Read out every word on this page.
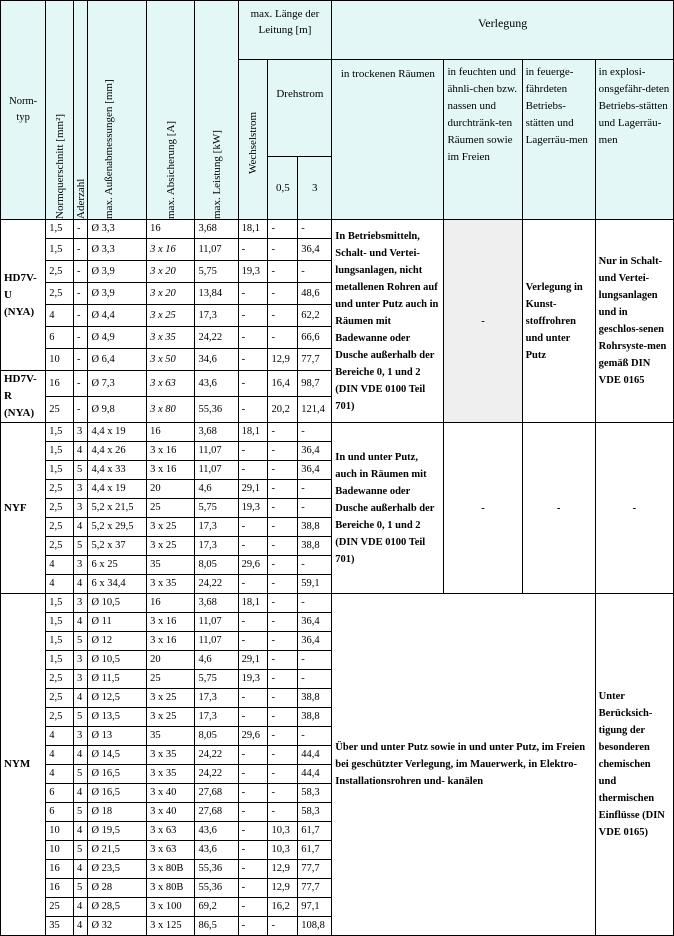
Norm-typ	Normquerschnitt [mm²]	Aderzahl	max. Außenabmessungen [mm]	max. Absicherung [A]	max. Leistung [kW]	max. Länge der Leitung [m]			Verlegung			

						Wechselstrom	Drehstrom		in trockenen Räumen	in feuchten und ähnli-chen bzw. nassen und durchtränk-ten Räumen sowie im Freien	in feuerge-fährdeten Betriebs-stätten und Lagerräu-men	in explosi-onsgefähr-deten Betriebs-stätten und Lagerräu-men
							0,5	3				
HD7V-U (NYA)	1,5	-	Ø 3,3	16	3,68	18,1	-	-	In Betriebsmitteln, Schalt- und Vertei-lungsanlagen, nicht metallenen Rohren auf und unter Putz auch in Räumen mit Badewanne oder Dusche außerhalb der Bereiche 0, 1 und 2 (DIN VDE 0100 Teil 701)	-	Verlegung in Kunst-stoffrohren und unter Putz	Nur in Schalt- und Vertei-lungsanlagen und in geschlos-senen Rohrsyste-men gemäß DIN VDE 0165
	1,5	-	Ø 3,3	3 x 16	11,07	-	-	36,4				
	2,5	-	Ø 3,9	3 x 20	5,75	19,3	-	-				
	2,5	-	Ø 3,9	3 x 20	13,84	-	-	48,6				
	4	-	Ø 4,4	3 x 25	17,3	-	-	62,2				
	6	-	Ø 4,9	3 x 35	24,22	-	-	66,6				
	10	-	Ø 6,4	3 x 50	34,6	-	12,9	77,7				
HD7V-R (NYA)	16	-	Ø 7,3	3 x 63	43,6	-	16,4	98,7				
	25	-	Ø 9,8	3 x 80	55,36	-	20,2	121,4				
NYF	1,5	3	4,4 x 19	16	3,68	18,1	-	-	In und unter Putz, auch in Räumen mit Badewanne oder Dusche außerhalb der Bereiche 0, 1 und 2 (DIN VDE 0100 Teil 701)	-	-	-
	1,5	4	4,4 x 26	3 x 16	11,07	-	-	36,4				
	1,5	5	4,4 x 33	3 x 16	11,07	-	-	36,4				
	2,5	3	4,4 x 19	20	4,6	29,1	-	-				
	2,5	3	5,2 x 21,5	25	5,75	19,3	-	-				
	2,5	4	5,2 x 29,5	3 x 25	17,3	-	-	38,8				
	2,5	5	5,2 x 37	3 x 25	17,3	-	-	38,8				
	4	3	6 x 25	35	8,05	29,6	-	-				
	4	4	6 x 34,4	3 x 35	24,22	-	-	59,1				
NYM	1,5	3	Ø 10,5	16	3,68	18,1	-	-	Über und unter Putz sowie in und unter Putz, im Freien bei geschützter Verlegung, im Mauerwerk, in Elektro-Installationsrohren und- kanälen			Unter Berücksich-tigung der besonderen chemischen und thermischen Einflüsse (DIN VDE 0165)
	1,5	4	Ø 11	3 x 16	11,07	-	-	36,4				
	1,5	5	Ø 12	3 x 16	11,07	-	-	36,4				
	1,5	3	Ø 10,5	20	4,6	29,1	-	-				
	2,5	3	Ø 11,5	25	5,75	19,3	-	-				
	2,5	4	Ø 12,5	3 x 25	17,3	-	-	38,8				
	2,5	5	Ø 13,5	3 x 25	17,3	-	-	38,8				
	4	3	Ø 13	35	8,05	29,6	-	-				
	4	4	Ø 14,5	3 x 35	24,22	-	-	44,4				
	4	5	Ø 16,5	3 x 35	24,22	-	-	44,4				
	6	4	Ø 16,5	3 x 40	27,68	-	-	58,3				
	6	5	Ø 18	3 x 40	27,68	-	-	58,3				
	10	4	Ø 19,5	3 x 63	43,6	-	10,3	61,7				
	10	5	Ø 21,5	3 x 63	43,6	-	10,3	61,7				
	16	4	Ø 23,5	3 x 80B	55,36	-	12,9	77,7				
	16	5	Ø 28	3 x 80B	55,36	-	12,9	77,7				
	25	4	Ø 28,5	3 x 100	69,2	-	16,2	97,1				
	35	4	Ø 32	3 x 125	86,5	-	-	108,8				
